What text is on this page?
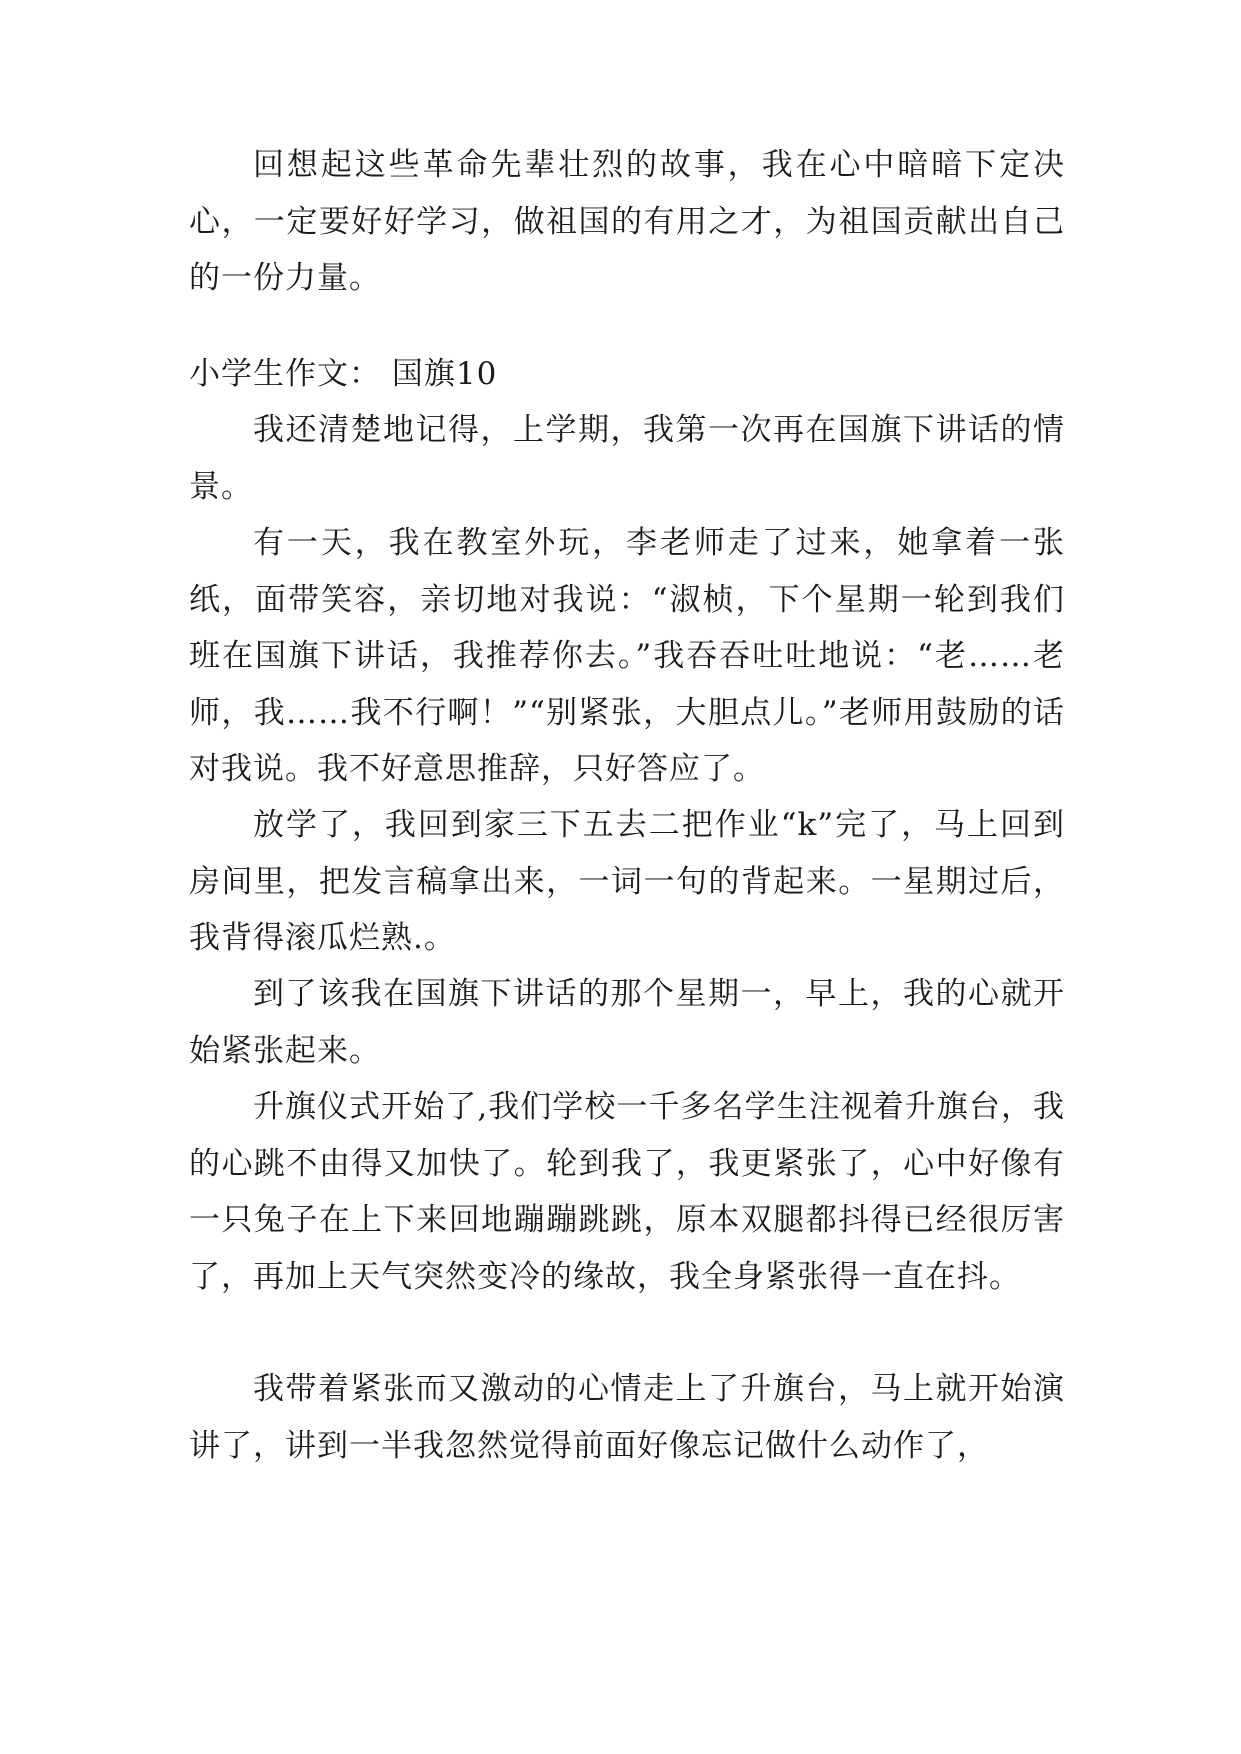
回想起这些革命先辈壮烈的故事，我在心中暗暗下定决心，一定要好好学习，做祖国的有用之才，为祖国贡献出自己的一份力量。

小学生作文： 国旗10

我还清楚地记得，上学期，我第一次再在国旗下讲话的情景。

有一天，我在教室外玩，李老师走了过来，她拿着一张纸，面带笑容，亲切地对我说：“淑桢，下个星期一轮到我们班在国旗下讲话，我推荐你去。”我吞吞吐吐地说：“老……老师，我……我不行啊！”“别紧张，大胆点儿。”老师用鼓励的话对我说。我不好意思推辞，只好答应了。

放学了，我回到家三下五去二把作业“k”完了，马上回到房间里，把发言稿拿出来，一词一句的背起来。一星期过后，我背得滚瓜烂熟.。

到了该我在国旗下讲话的那个星期一，早上，我的心就开始紧张起来。

升旗仪式开始了,我们学校一千多名学生注视着升旗台，我的心跳不由得又加快了。轮到我了，我更紧张了，心中好像有一只兔子在上下来回地蹦蹦跳跳，原本双腿都抖得已经很厉害了，再加上天气突然变冷的缘故，我全身紧张得一直在抖。

我带着紧张而又激动的心情走上了升旗台，马上就开始演讲了，讲到一半我忽然觉得前面好像忘记做什么动作了，
